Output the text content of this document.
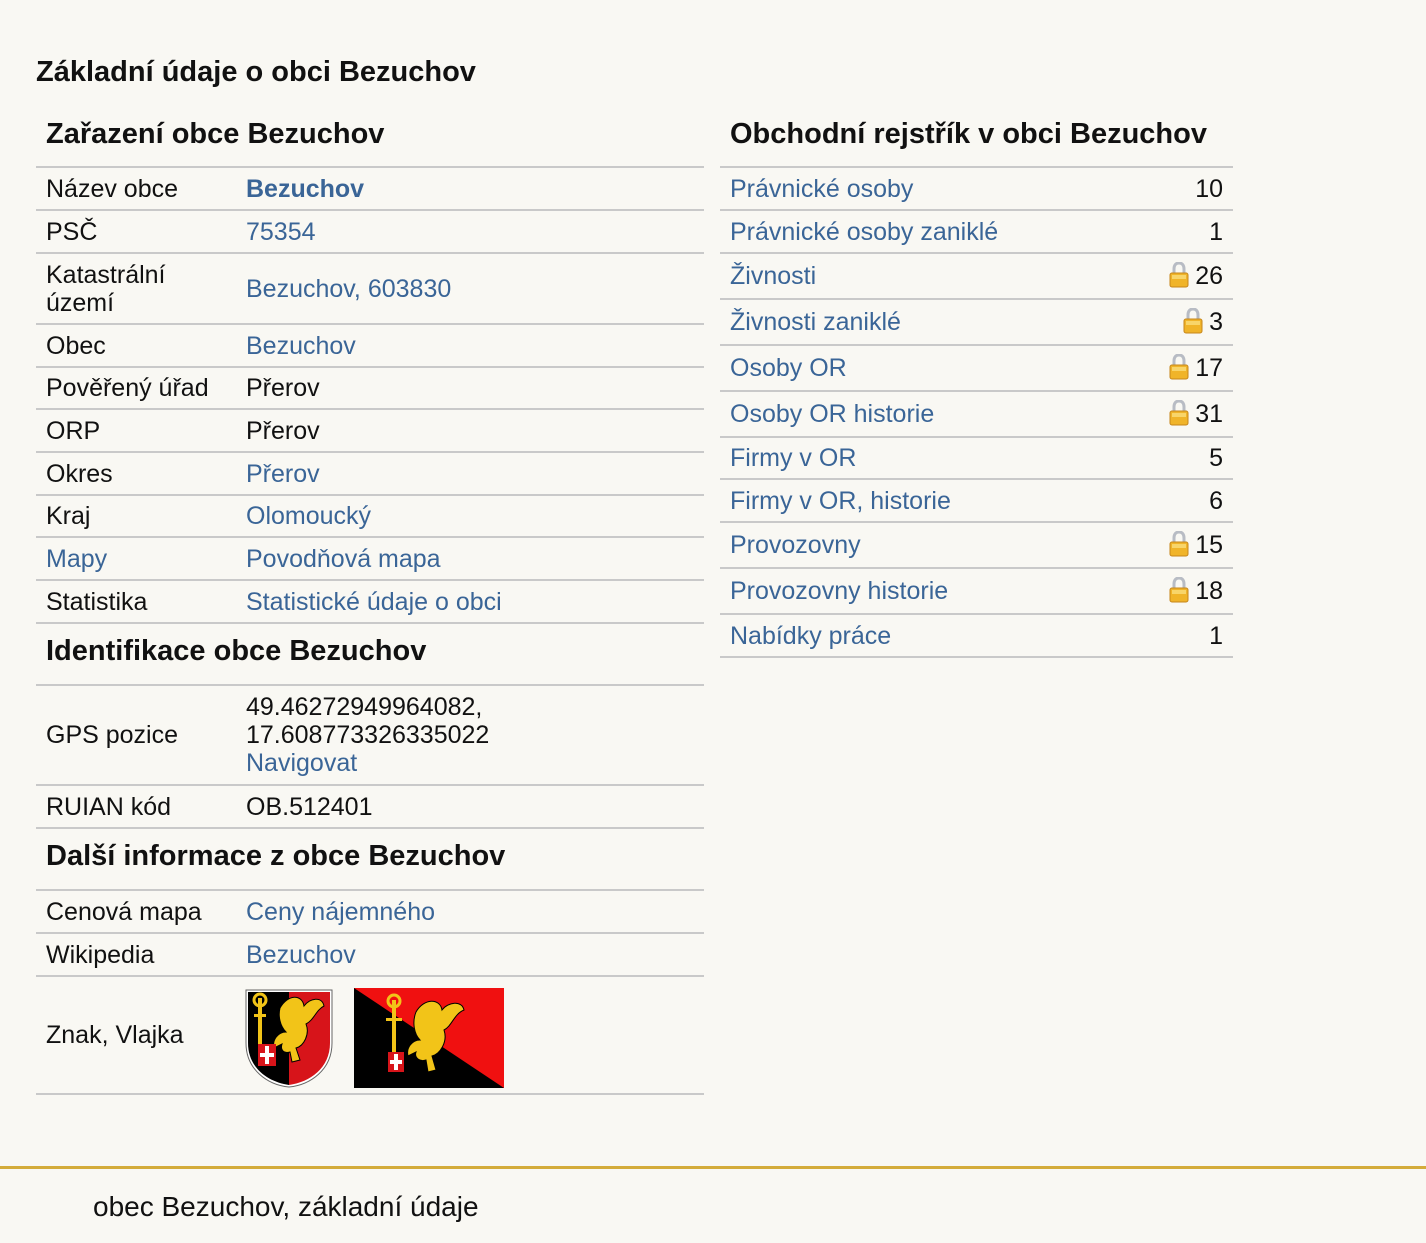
Základní údaje o obci Bezuchov
Zařazení obce Bezuchov
Název obce	Bezuchov
PSČ	75354
Katastrální území	Bezuchov, 603830
Obec	Bezuchov
Pověřený úřad	Přerov
ORP	Přerov
Okres	Přerov
Kraj	Olomoucký
Mapy	Povodňová mapa
Statistika	Statistické údaje o obci
Identifikace obce Bezuchov
GPS pozice	49.46272949964082,
17.608773326335022
Navigovat
RUIAN kód	OB.512401
Další informace z obce Bezuchov
Cenová mapa	Ceny nájemného
Wikipedia	Bezuchov
Znak, Vlajka	
Obchodní rejstřík v obci Bezuchov
Právnické osoby	10
Právnické osoby zaniklé	1
Živnosti	26
Živnosti zaniklé	3
Osoby OR	17
Osoby OR historie	31
Firmy v OR	5
Firmy v OR, historie	6
Provozovny	15
Provozovny historie	18
Nabídky práce	1
obec Bezuchov, základní údaje
